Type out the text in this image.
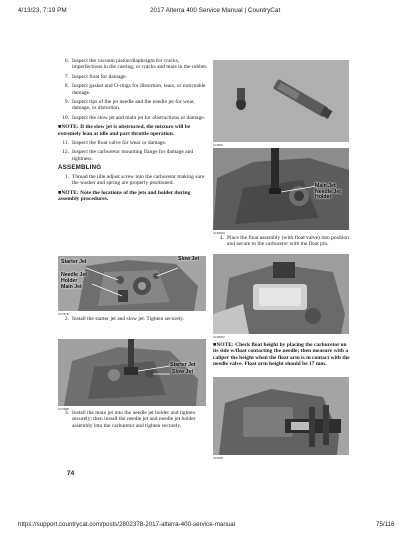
4/13/23, 7:19 PM	2017 Alterra 400 Service Manual | CountryCat
6. Inspect the vacuum piston/diaphragm for cracks, imperfections in the casting, or cracks and tears in the rubber.
7. Inspect float for damage.
8. Inspect gasket and O-rings for distortion, tears, or noticeable damage.
9. Inspect tips of the jet needle and the needle jet for wear, damage, or distortion.
10. Inspect the slow jet and main jet for obstructions or damage.
■NOTE: If the slow jet is obstructed, the mixture will be extremely lean at idle and part throttle operation.
11. Inspect the float valve for wear or damage.
12. Inspect the carburetor mounting flange for damage and tightness.
ASSEMBLING
1. Thread the idle adjust screw into the carburetor making sure the washer and spring are properly positioned.
■NOTE: Note the locations of the jets and holder during assembly procedures.
Starter Jet	Slow Jet
Needle Jet Holder
Main Jet
CC767B
2. Install the starter jet and slow jet. Tighten securely.
Starter Jet
Slow Jet
CC768B
3. Install the main jet into the needle jet holder and tighten securely; then install the needle jet and needle jet holder assembly into the carburetor and tighten securely.
SC0601
Main Jet Needle Jet Holder
SC0602A
4. Place the float assembly (with float valve) into position and secure to the carburetor with the float pin.
SC0603A
■NOTE: Check float height by placing the carburetor on its side w/float contacting the needle; then measure with a caliper the height when the float arm is in contact with the needle valve. Float arm height should be 17 mm.
SC0605
74
https://support.countrycat.com/posts/2802378-2017-alterra-400-service-manual	75/116
